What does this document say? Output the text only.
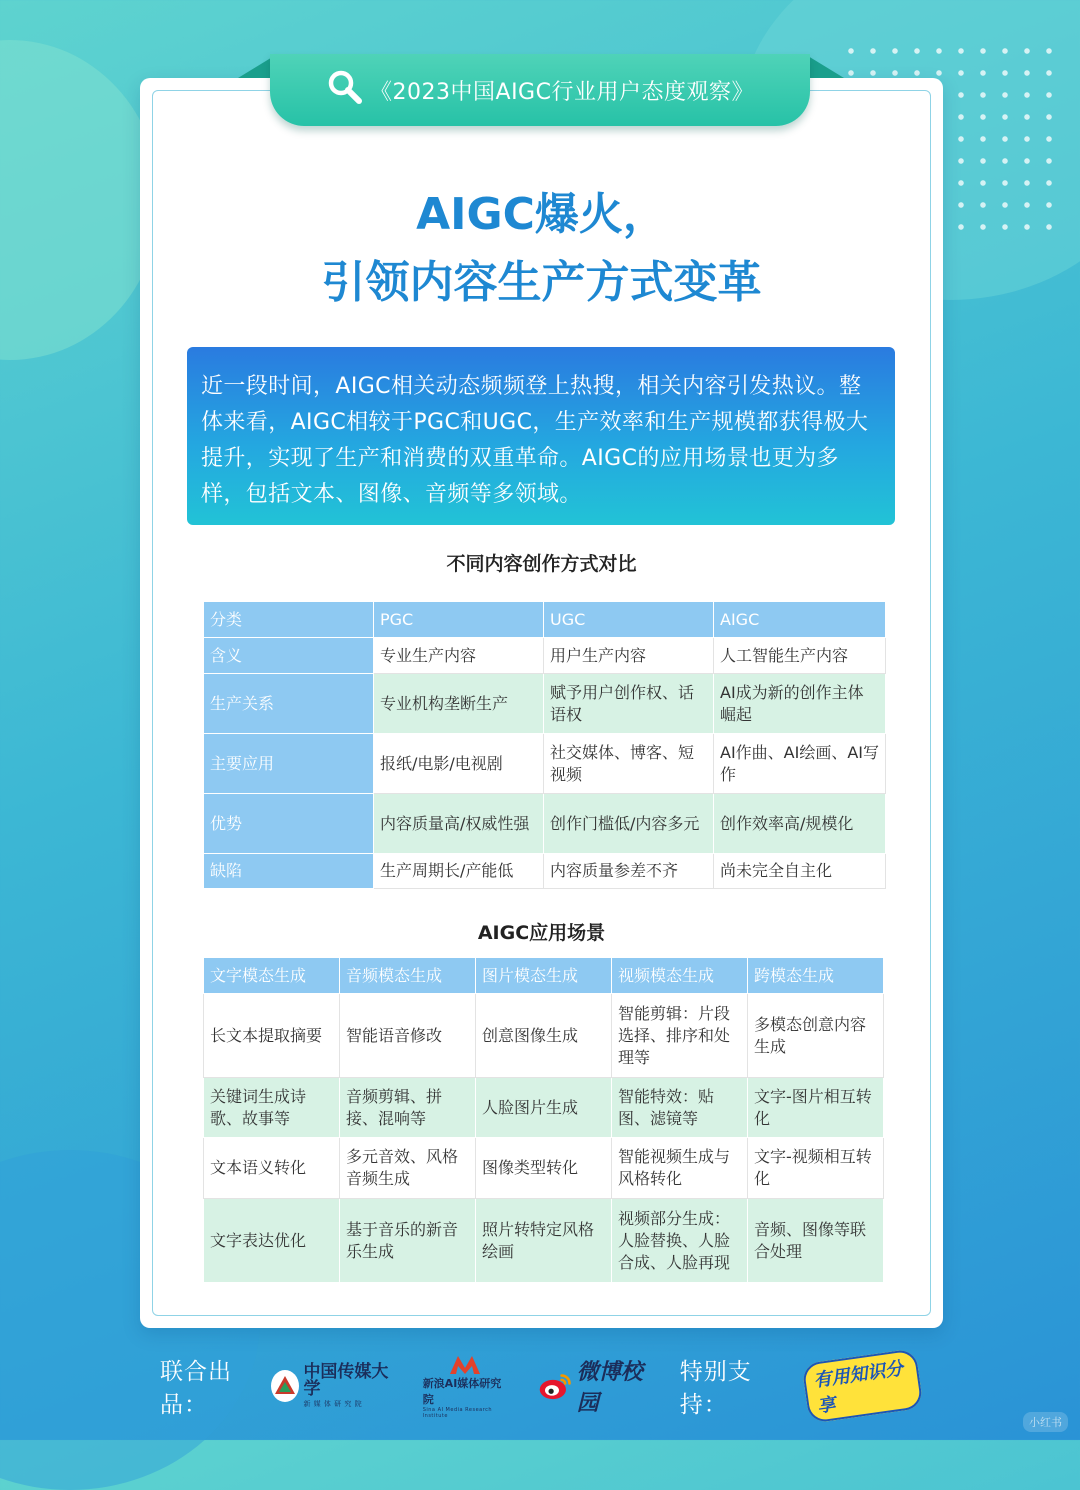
《2023中国AIGC行业用户态度观察》
AIGC爆火，
引领内容生产方式变革
近一段时间，AIGC相关动态频频登上热搜，相关内容引发热议。整体来看，AIGC相较于PGC和UGC，生产效率和生产规模都获得极大提升，实现了生产和消费的双重革命。AIGC的应用场景也更为多样，包括文本、图像、音频等多领域。
不同内容创作方式对比
分类	PGC	UGC	AIGC
含义	专业生产内容	用户生产内容	人工智能生产内容
生产关系	专业机构垄断生产	赋予用户创作权、话语权	AI成为新的创作主体崛起
主要应用	报纸/电影/电视剧	社交媒体、博客、短视频	AI作曲、AI绘画、AI写作
优势	内容质量高/权威性强	创作门槛低/内容多元	创作效率高/规模化
缺陷	生产周期长/产能低	内容质量参差不齐	尚未完全自主化
AIGC应用场景
文字模态生成	音频模态生成	图片模态生成	视频模态生成	跨模态生成
长文本提取摘要	智能语音修改	创意图像生成	智能剪辑：片段选择、排序和处理等	多模态创意内容生成
关键词生成诗歌、故事等	音频剪辑、拼接、混响等	人脸图片生成	智能特效：贴图、滤镜等	文字-图片相互转化
文本语义转化	多元音效、风格音频生成	图像类型转化	智能视频生成与风格转化	文字-视频相互转化
文字表达优化	基于音乐的新音乐生成	照片转特定风格绘画	视频部分生成：人脸替换、人脸合成、人脸再现	音频、图像等联合处理
联合出品：
中国传媒大学
新 媒 体 研 究 院
新浪AI媒体研究院
Sina AI Media Research Institute
微博校园
特别支持：
有用知识分享
小红书
